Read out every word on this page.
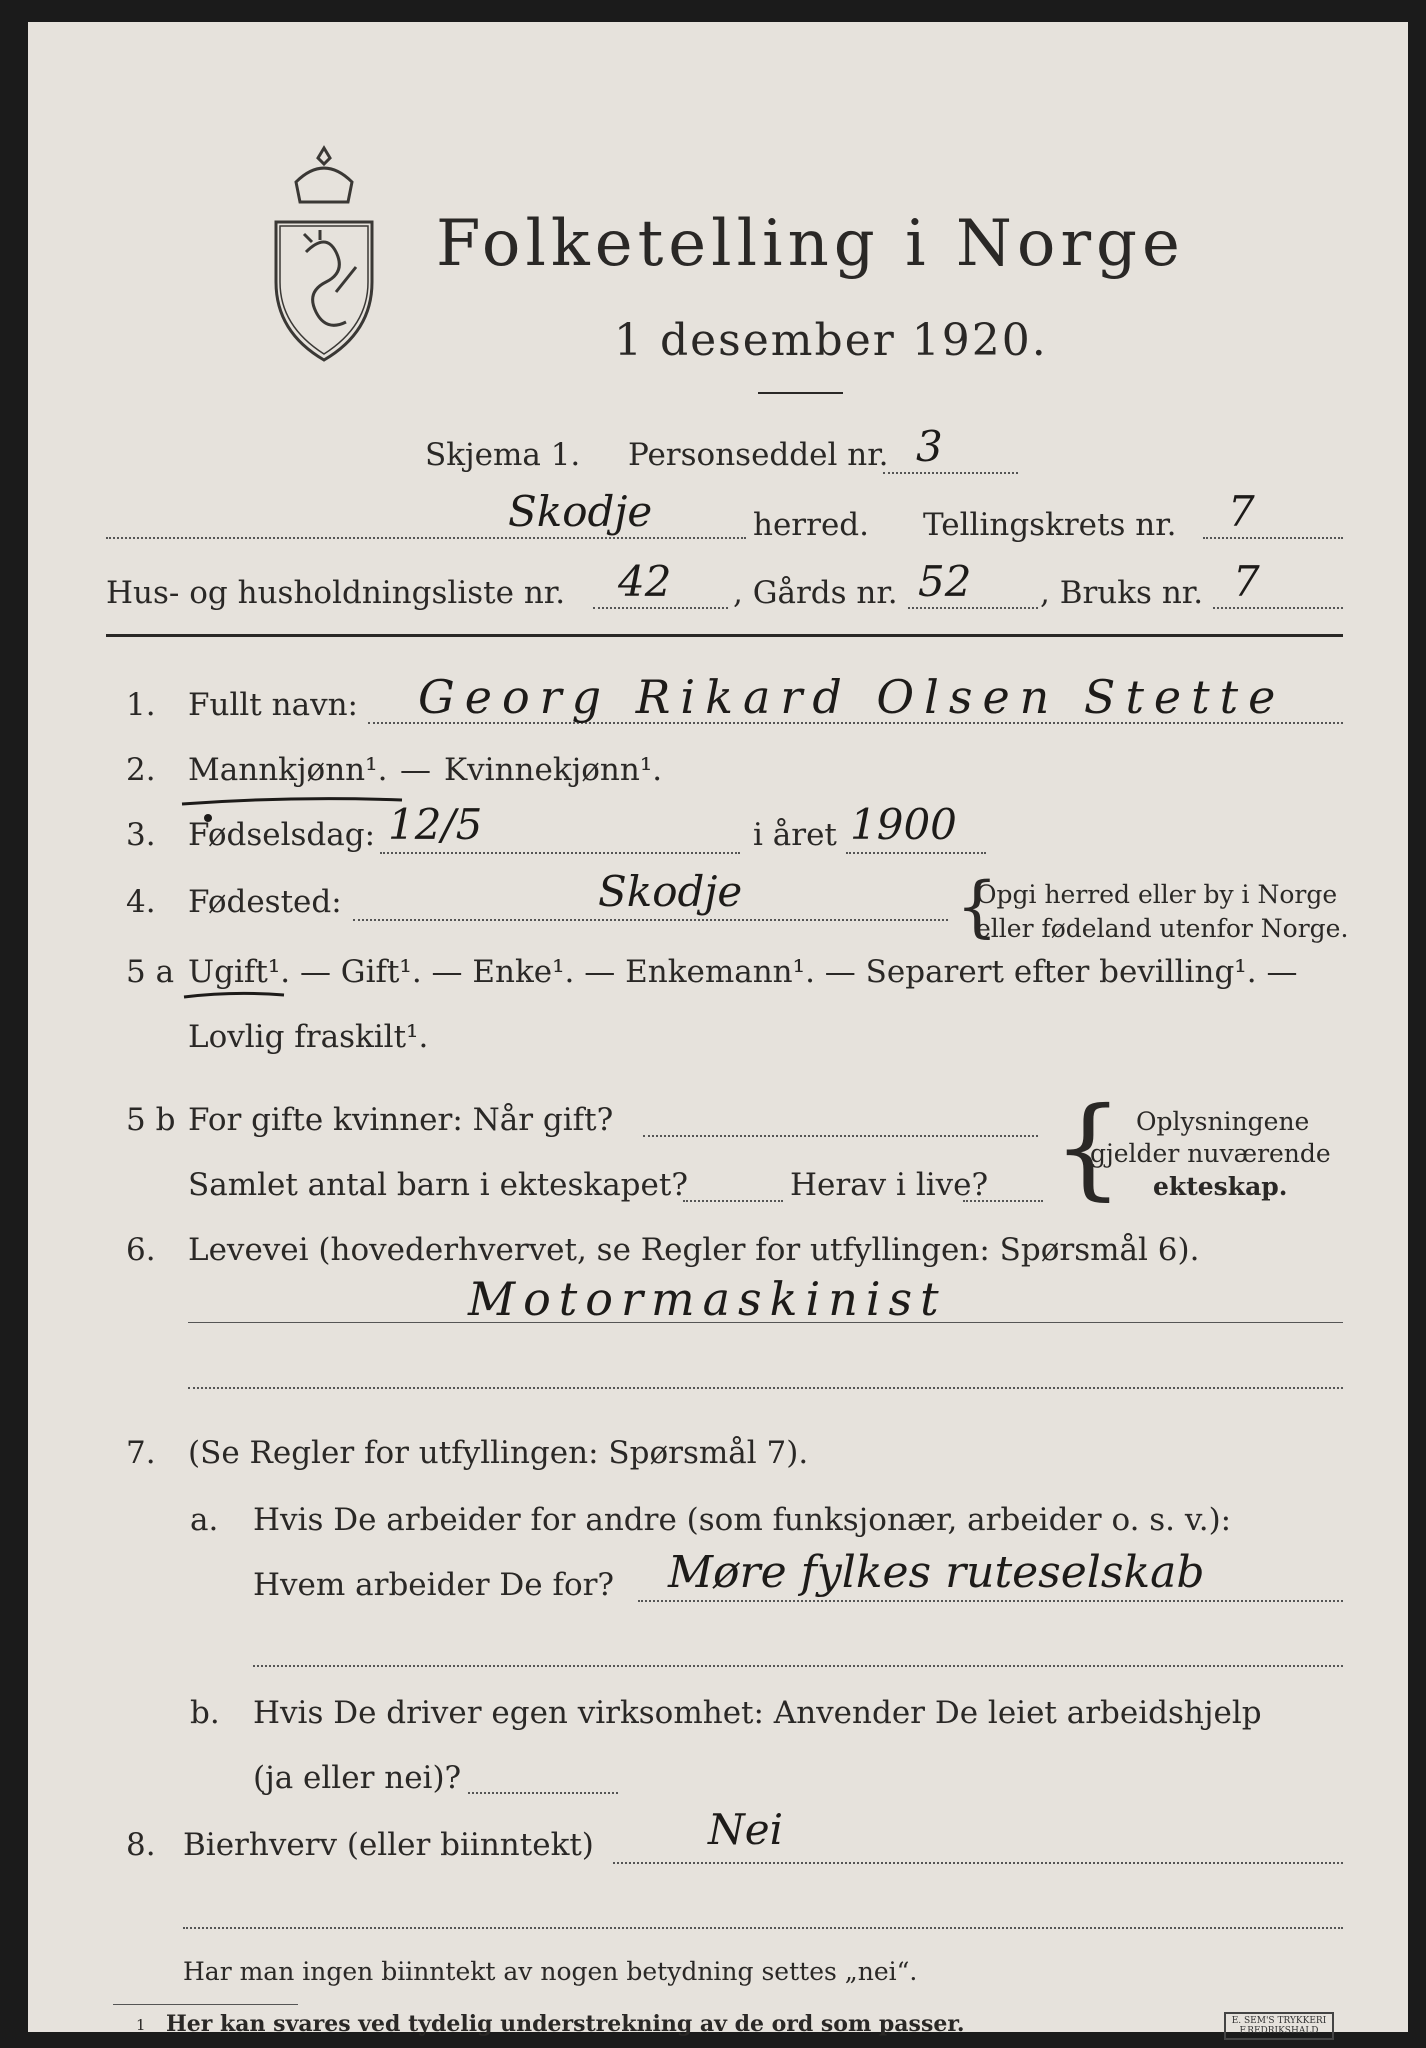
Folketelling i Norge
1 desember 1920.
Skjema 1. Personseddel nr. 3
Skodje	herred. Tellingskrets nr. 7
Hus- og husholdningsliste nr. 42 , Gårds nr. 52 , Bruks nr. 7
1. Fullt navn: Georg Rikard Olsen Stette
2. Mannkjønn¹. — Kvinnekjønn¹.
3. Fødselsdag: 12/5	i året 1900
4. Fødested:	Skodje	{
Opgi herred eller by i Norge
eller fødeland utenfor Norge.
5 a Ugift¹. — Gift¹. — Enke¹. — Enkemann¹. — Separert efter bevilling¹. —
Lovlig fraskilt¹.
5 b For gifte kvinner: Når gift?
Samlet antal barn i ekteskapet?	Herav i live? { Oplysningene
gjelder nuværende
ekteskap.
6. Levevei (hovederhvervet, se Regler for utfyllingen: Spørsmål 6).
Motormaskinist
7. (Se Regler for utfyllingen: Spørsmål 7).
a. Hvis De arbeider for andre (som funksjonær, arbeider o. s. v.):
Hvem arbeider De for? Møre fylkes ruteselskab
b. Hvis De driver egen virksomhet: Anvender De leiet arbeidshjelp
(ja eller nei)?
8. Bierhverv (eller biinntekt)	Nei
Har man ingen biinntekt av nogen betydning settes „nei“.
1 Her kan svares ved tydelig understrekning av de ord som passer.	E. SEM'S TRYKKERI F.REDRIKSHALD
